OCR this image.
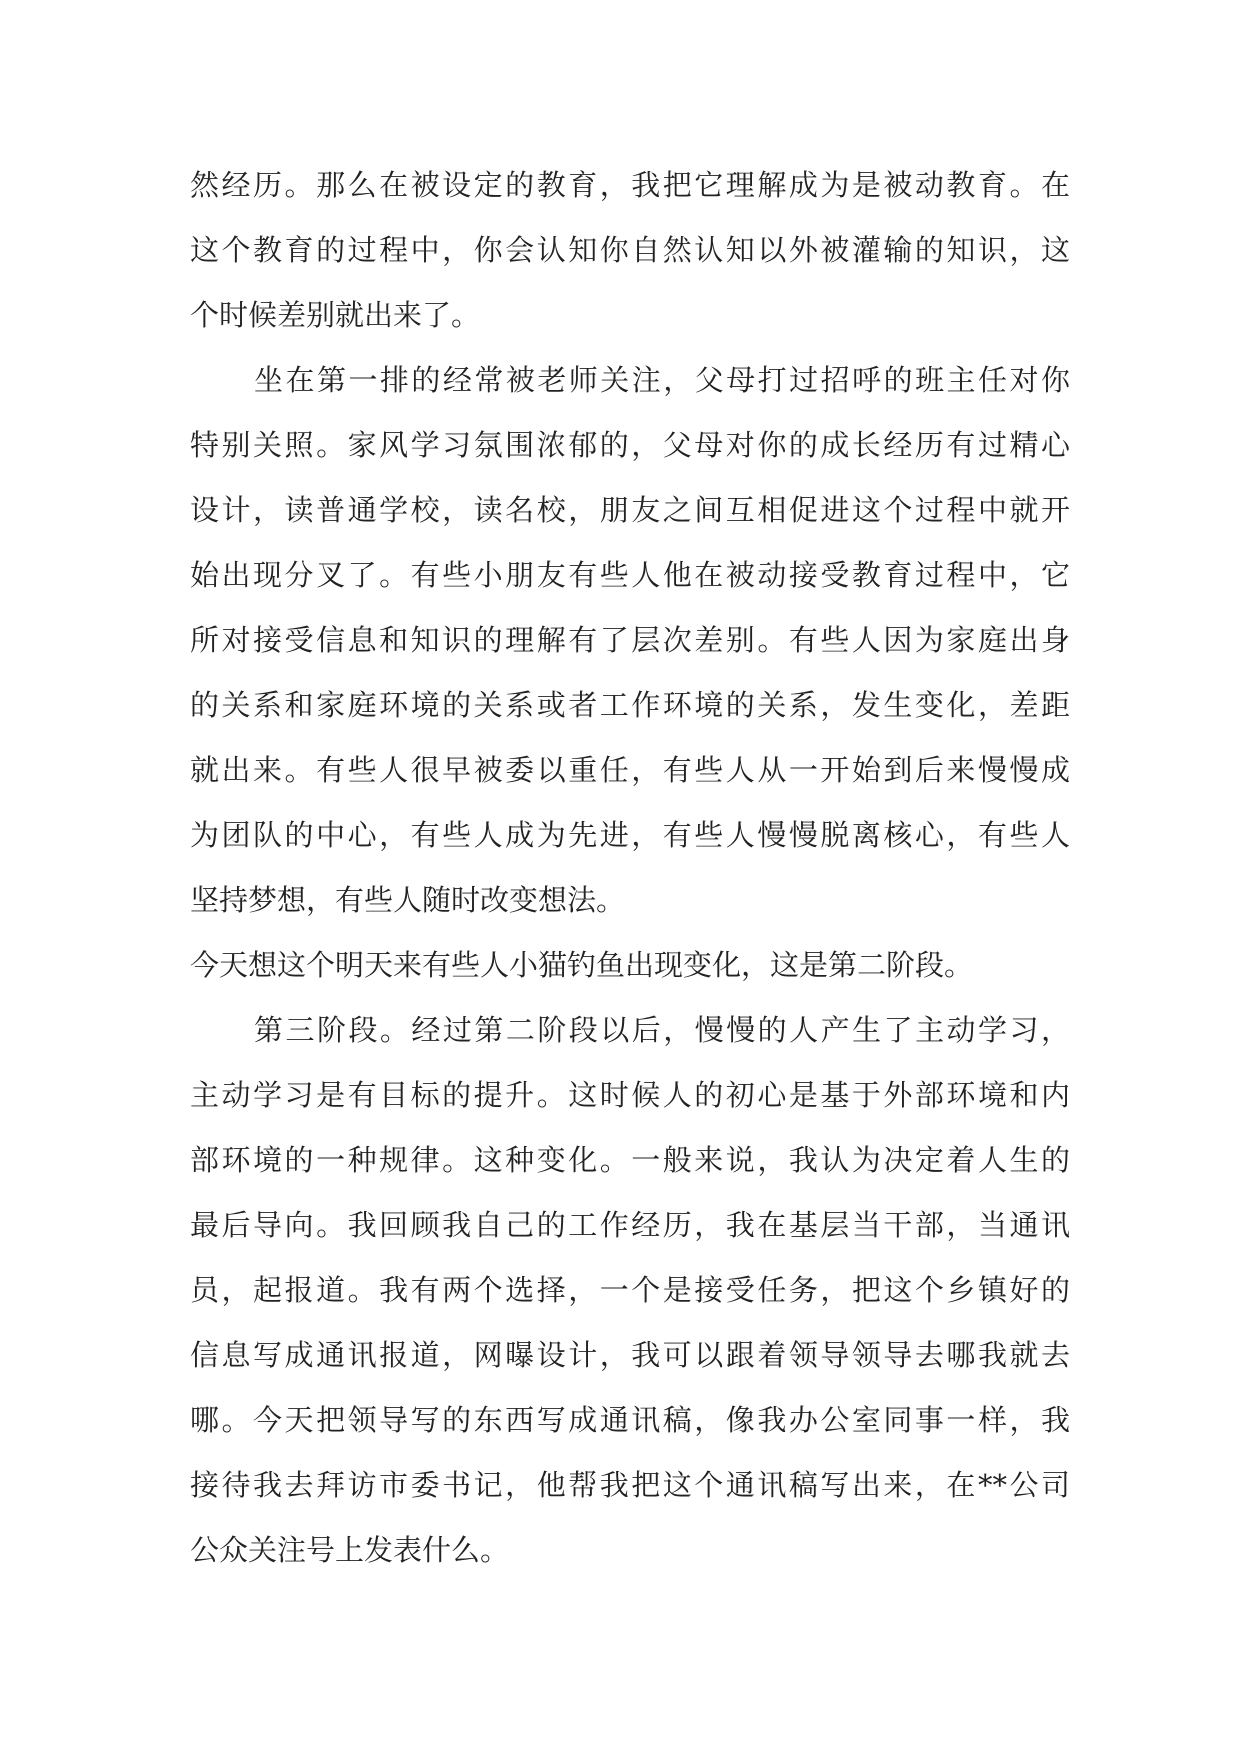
然经历。那么在被设定的教育，我把它理解成为是被动教育。在
这个教育的过程中，你会认知你自然认知以外被灌输的知识，这
个时候差别就出来了。
坐在第一排的经常被老师关注，父母打过招呼的班主任对你
特别关照。家风学习氛围浓郁的，父母对你的成长经历有过精心
设计，读普通学校，读名校，朋友之间互相促进这个过程中就开
始出现分叉了。有些小朋友有些人他在被动接受教育过程中，它
所对接受信息和知识的理解有了层次差别。有些人因为家庭出身
的关系和家庭环境的关系或者工作环境的关系，发生变化，差距
就出来。有些人很早被委以重任，有些人从一开始到后来慢慢成
为团队的中心，有些人成为先进，有些人慢慢脱离核心，有些人
坚持梦想，有些人随时改变想法。
今天想这个明天来有些人小猫钓鱼出现变化，这是第二阶段。
第三阶段。经过第二阶段以后，慢慢的人产生了主动学习，
主动学习是有目标的提升。这时候人的初心是基于外部环境和内
部环境的一种规律。这种变化。一般来说，我认为决定着人生的
最后导向。我回顾我自己的工作经历，我在基层当干部，当通讯
员，起报道。我有两个选择，一个是接受任务，把这个乡镇好的
信息写成通讯报道，网曝设计，我可以跟着领导领导去哪我就去
哪。今天把领导写的东西写成通讯稿，像我办公室同事一样，我
接待我去拜访市委书记，他帮我把这个通讯稿写出来，在**公司
公众关注号上发表什么。
